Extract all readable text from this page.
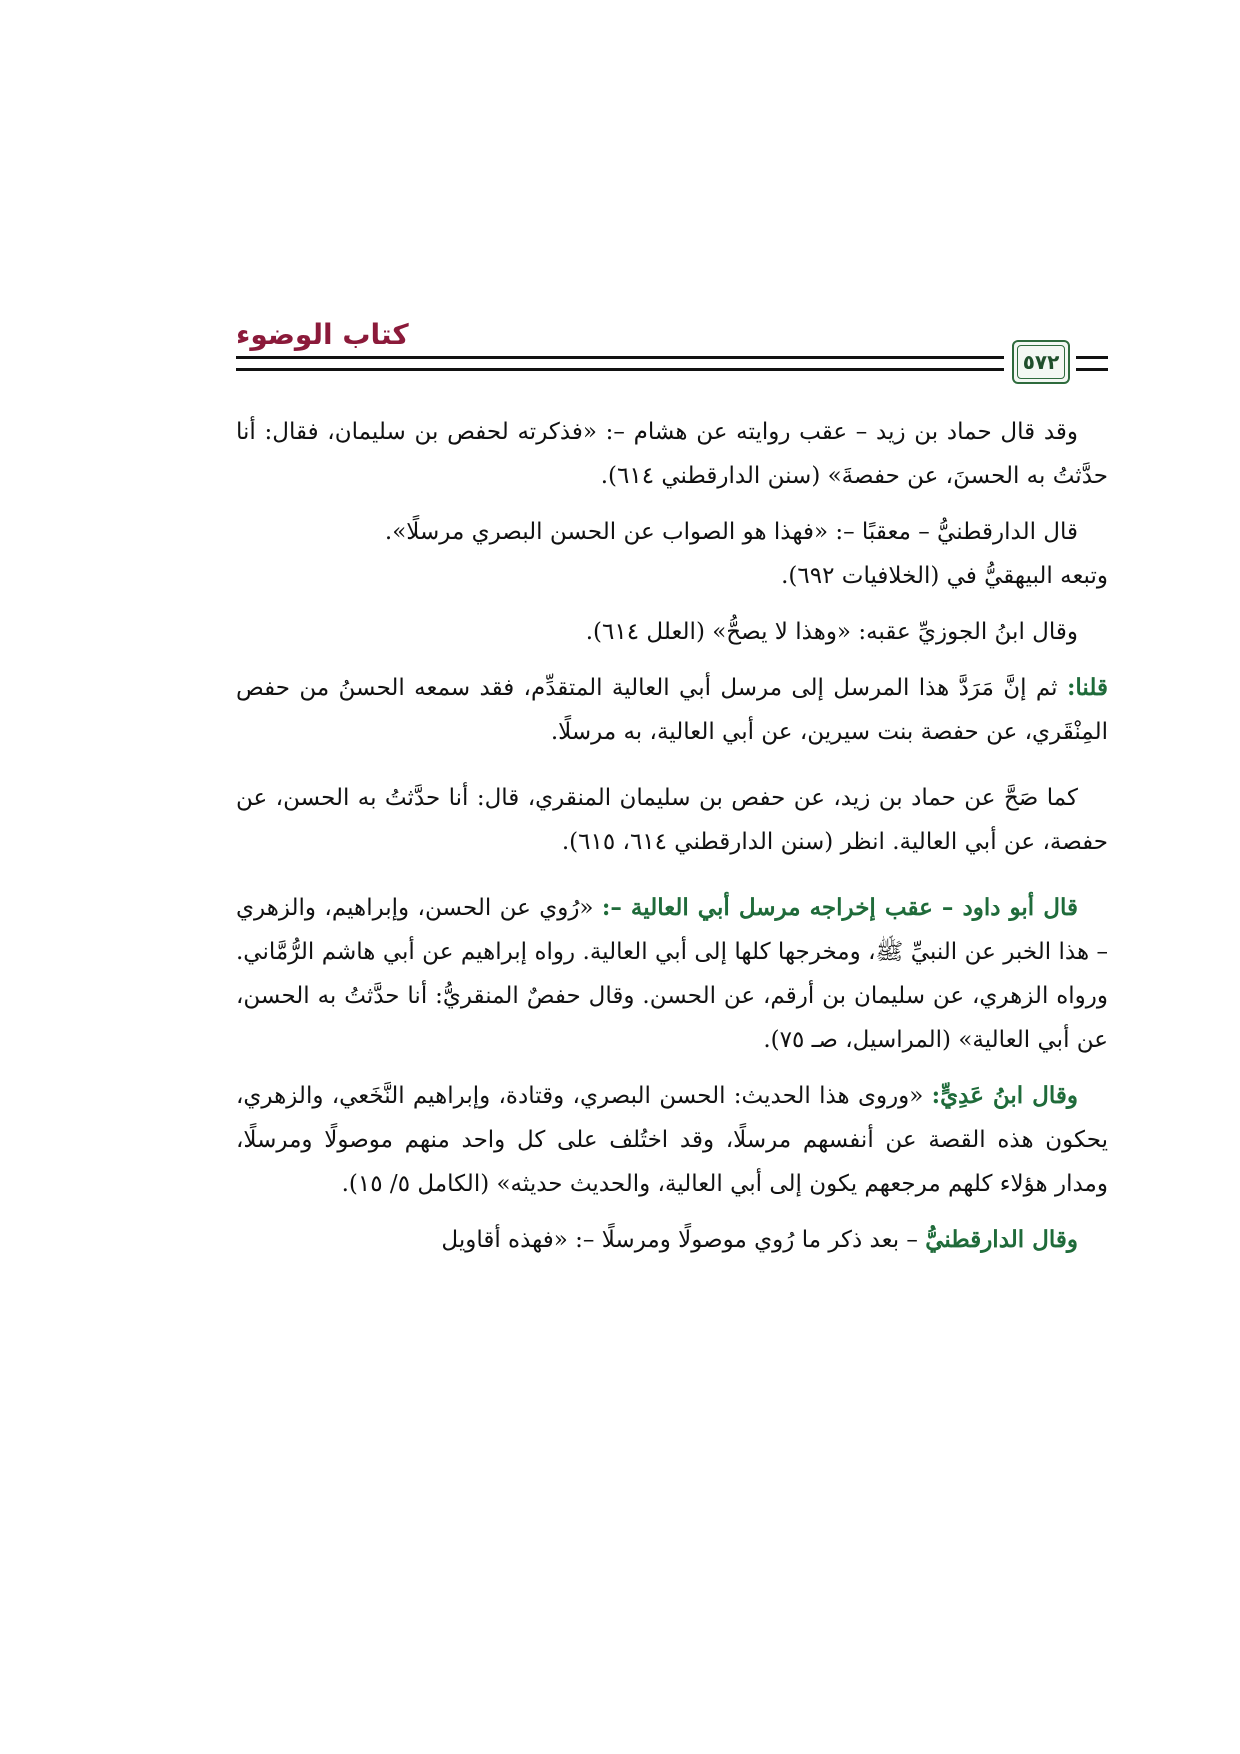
كتاب الوضوء
٥٧٢

وقد قال حماد بن زيد – عقب روايته عن هشام –: «فذكرته لحفص بن سليمان، فقال: أنا حدَّثتُ به الحسنَ، عن حفصةَ» (سنن الدارقطني ٦١٤).

قال الدارقطنيُّ – معقبًا –: «فهذا هو الصواب عن الحسن البصري مرسلًا».

وتبعه البيهقيُّ في (الخلافيات ٦٩٢).

وقال ابنُ الجوزيِّ عقبه: «وهذا لا يصحُّ» (العلل ٦١٤).

قلنا: ثم إنَّ مَرَدَّ هذا المرسل إلى مرسل أبي العالية المتقدِّم، فقد سمعه الحسنُ من حفص المِنْقَري، عن حفصة بنت سيرين، عن أبي العالية، به مرسلًا.

كما صَحَّ عن حماد بن زيد، عن حفص بن سليمان المنقري، قال: أنا حدَّثتُ به الحسن، عن حفصة، عن أبي العالية. انظر (سنن الدارقطني ٦١٤، ٦١٥).

قال أبو داود – عقب إخراجه مرسل أبي العالية –: «رُوي عن الحسن، وإبراهيم، والزهري – هذا الخبر عن النبيِّ ﷺ، ومخرجها كلها إلى أبي العالية. رواه إبراهيم عن أبي هاشم الرُّمَّاني. ورواه الزهري، عن سليمان بن أرقم، عن الحسن. وقال حفصٌ المنقريُّ: أنا حدَّثتُ به الحسن، عن أبي العالية» (المراسيل، صـ ٧٥).

وقال ابنُ عَدِيٍّ: «وروى هذا الحديث: الحسن البصري، وقتادة، وإبراهيم النَّخَعي، والزهري، يحكون هذه القصة عن أنفسهم مرسلًا، وقد اختُلف على كل واحد منهم موصولًا ومرسلًا، ومدار هؤلاء كلهم مرجعهم يكون إلى أبي العالية، والحديث حديثه» (الكامل ٥/ ١٥).

وقال الدارقطنيُّ – بعد ذكر ما رُوي موصولًا ومرسلًا –: «فهذه أقاويل
